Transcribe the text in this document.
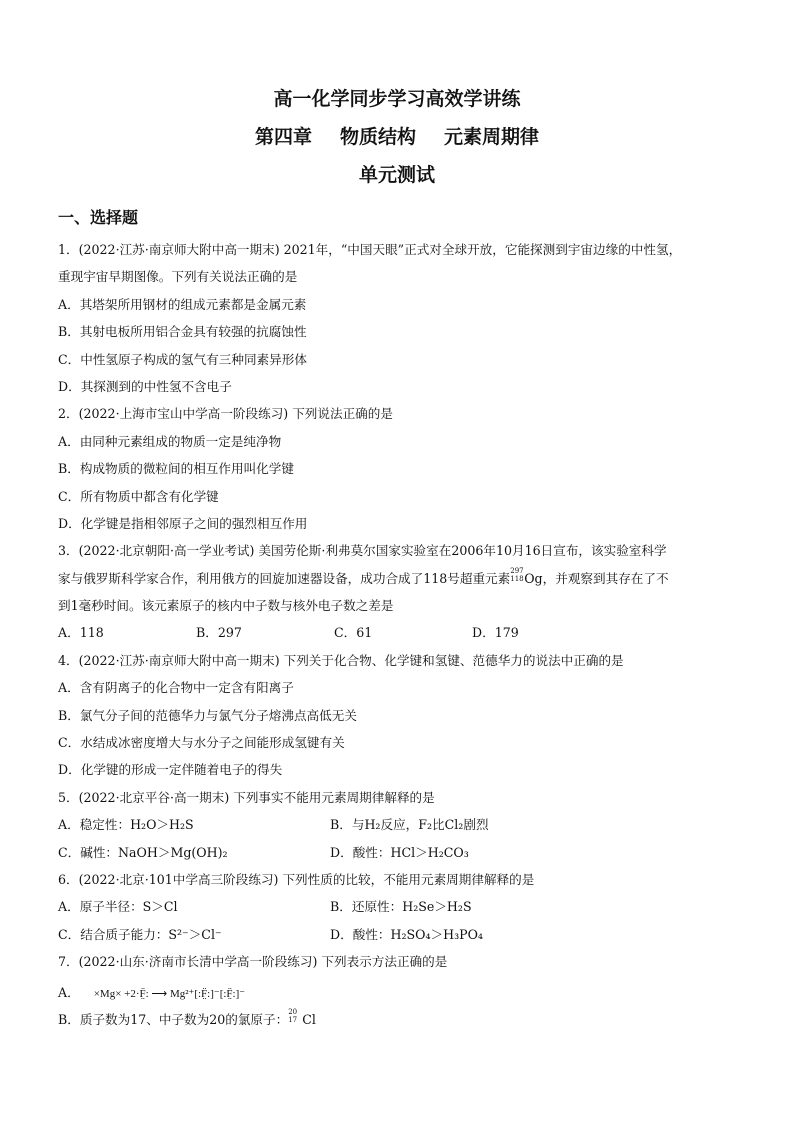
高一化学同步学习高效学讲练
第四章 物质结构 元素周期律
单元测试
一、选择题
1．(2022·江苏·南京师大附中高一期末) 2021年，“中国天眼”正式对全球开放，它能探测到宇宙边缘的中性氢，
重现宇宙早期图像。下列有关说法正确的是
A．其塔架所用钢材的组成元素都是金属元素
B．其射电板所用铝合金具有较强的抗腐蚀性
C．中性氢原子构成的氢气有三种同素异形体
D．其探测到的中性氢不含电子
2．(2022·上海市宝山中学高一阶段练习) 下列说法正确的是
A．由同种元素组成的物质一定是纯净物
B．构成物质的微粒间的相互作用叫化学键
C．所有物质中都含有化学键
D．化学键是指相邻原子之间的强烈相互作用
3．(2022·北京朝阳·高一学业考试) 美国劳伦斯·利弗莫尔国家实验室在2006年10月16日宣布，该实验室科学
家与俄罗斯科学家合作，利用俄方的回旋加速器设备，成功合成了118号超重元素 297
118 Og，并观察到其存在了不
到1毫秒时间。该元素原子的核内中子数与核外电子数之差是
A．118	B．297	C．61	D．179
4．(2022·江苏·南京师大附中高一期末) 下列关于化合物、化学键和氢键、范德华力的说法中正确的是
A．含有阴离子的化合物中一定含有阳离子
B．氯气分子间的范德华力与氯气分子熔沸点高低无关
C．水结成冰密度增大与水分子之间能形成氢键有关
D．化学键的形成一定伴随着电子的得失
5．(2022·北京平谷·高一期末) 下列事实不能用元素周期律解释的是
A．稳定性：H₂O＞H₂S	B．与H₂反应，F₂比Cl₂剧烈
C．碱性：NaOH＞Mg(OH)₂	D．酸性：HCl＞H₂CO₃
6．(2022·北京·101中学高三阶段练习) 下列性质的比较，不能用元素周期律解释的是
A．原子半径：S＞Cl	B．还原性：H₂Se＞H₂S
C．结合质子能力：S²⁻＞Cl⁻	D．酸性：H₂SO₄＞H₃PO₄
7．(2022·山东·济南市长清中学高一阶段练习) 下列表示方法正确的是
A． ×Mg× +2·F̤̈: ⟶ Mg²⁺[:F̤̈:]⁻[:F̤̈:]⁻
B．质子数为17、中子数为20的氯原子： 20
17 Cl
